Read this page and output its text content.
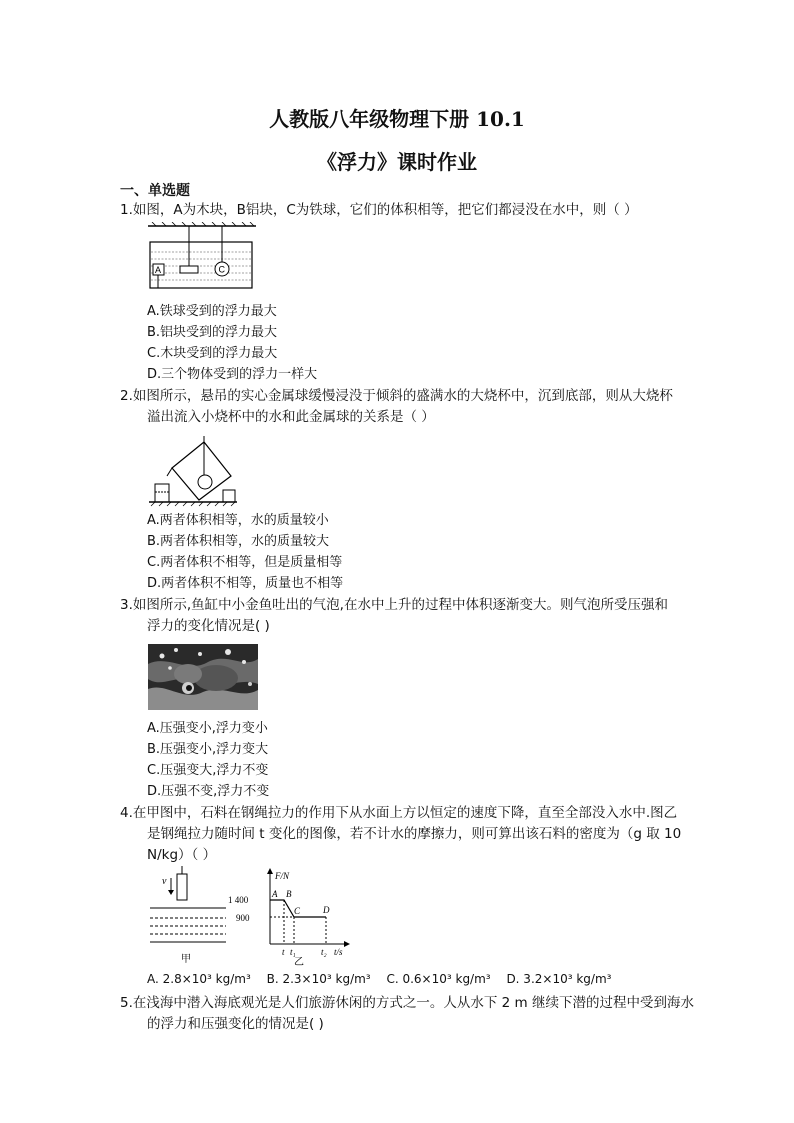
人教版八年级物理下册 10.1
《浮力》课时作业
一、单选题
1.如图，A为木块，B铝块，C为铁球，它们的体积相等，把它们都浸没在水中，则（ ）
A	C
A.铁球受到的浮力最大
B.铝块受到的浮力最大
C.木块受到的浮力最大
D.三个物体受到的浮力一样大
2.如图所示，悬吊的实心金属球缓慢浸没于倾斜的盛满水的大烧杯中，沉到底部，则从大烧杯
溢出流入小烧杯中的水和此金属球的关系是（ ）
A.两者体积相等，水的质量较小
B.两者体积相等，水的质量较大
C.两者体积不相等，但是质量相等
D.两者体积不相等，质量也不相等
3.如图所示,鱼缸中小金鱼吐出的气泡,在水中上升的过程中体积逐渐变大。则气泡所受压强和
浮力的变化情况是( )
A.压强变小,浮力变小
B.压强变小,浮力变大
C.压强变大,浮力不变
D.压强不变,浮力不变
4.在甲图中，石料在钢绳拉力的作用下从水面上方以恒定的速度下降，直至全部没入水中.图乙
是钢绳拉力随时间 t 变化的图像，若不计水的摩擦力，则可算出该石料的密度为（g 取 10
N/kg）（ ）
v
甲
F/N
1 400
900
A B
C	D
t t₁	t₂ t/s
乙
A. 2.8×10³ kg/m³ B. 2.3×10³ kg/m³ C. 0.6×10³ kg/m³ D. 3.2×10³ kg/m³
5.在浅海中潜入海底观光是人们旅游休闲的方式之一。人从水下 2 m 继续下潜的过程中受到海水
的浮力和压强变化的情况是( )
